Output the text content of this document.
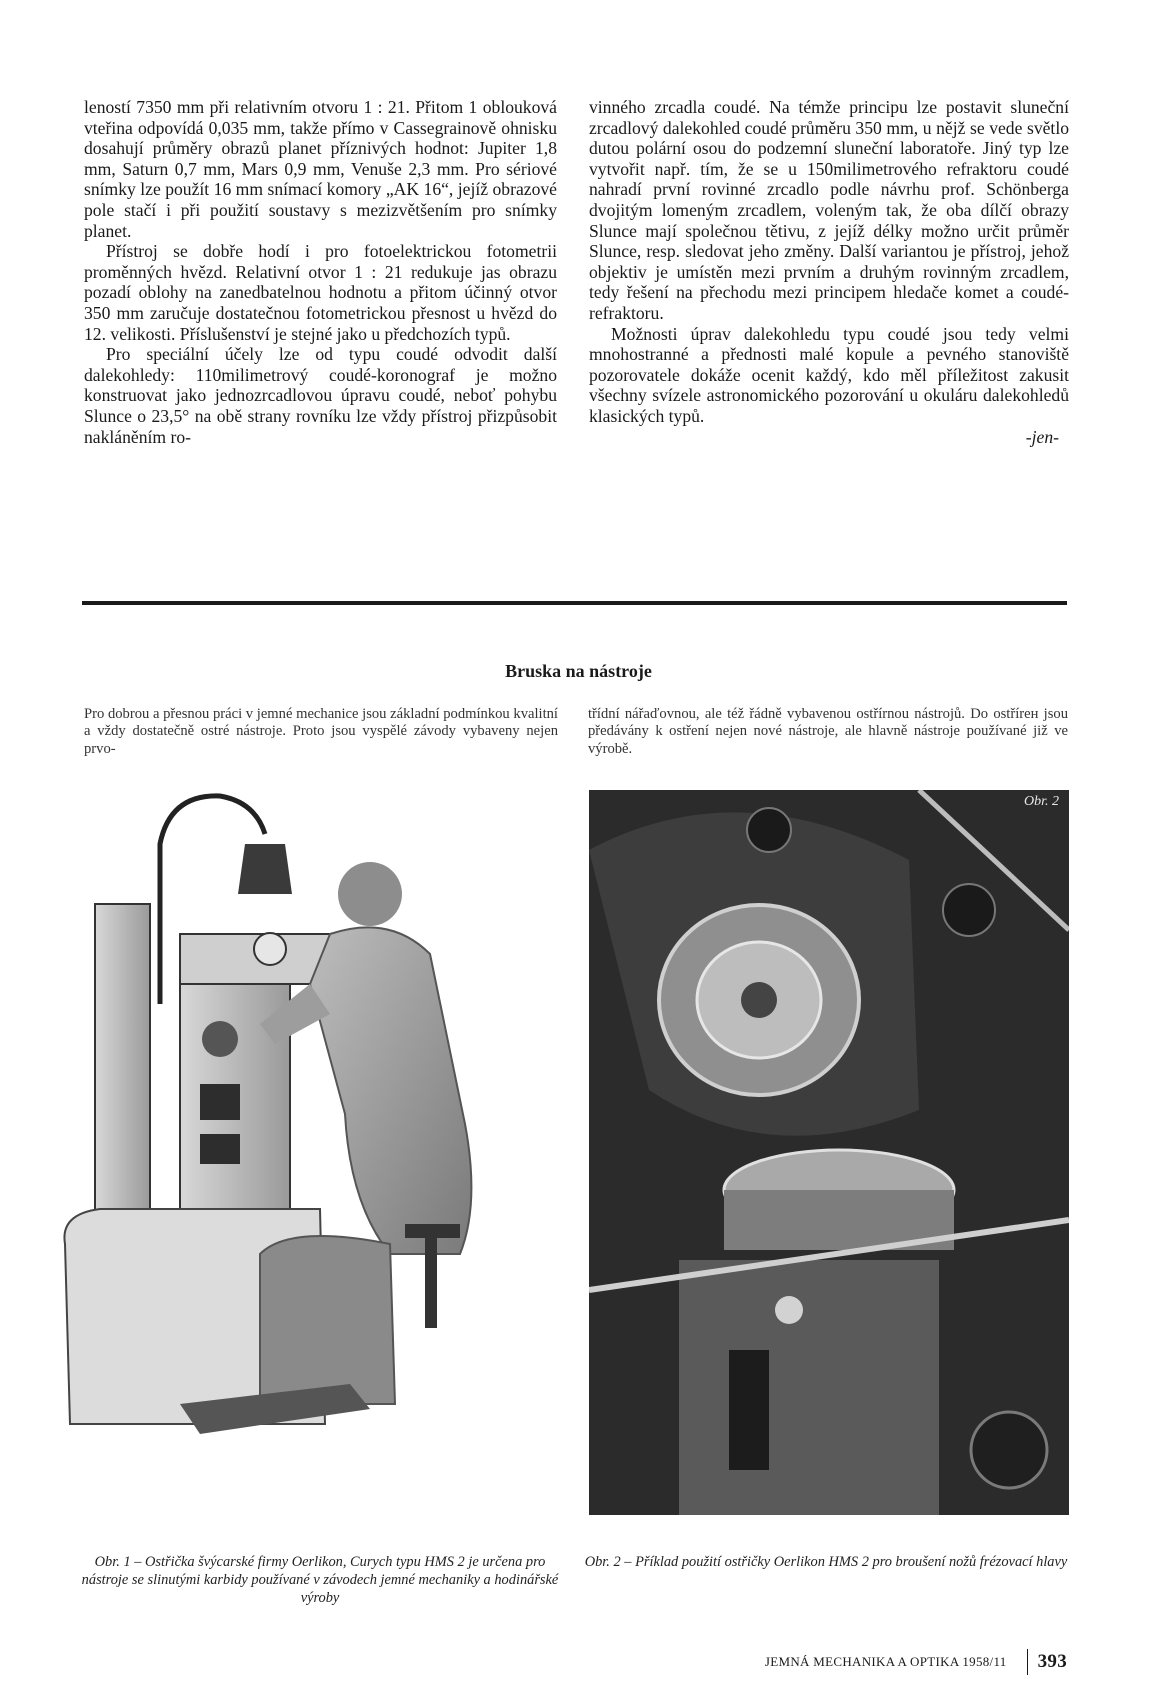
leností 7350 mm při relativním otvoru 1 : 21. Přitom 1 oblouková vteřina odpovídá 0,035 mm, takže přímo v Cassegrainově ohnisku dosahují průměry obrazů planet příznivých hodnot: Jupiter 1,8 mm, Saturn 0,7 mm, Mars 0,9 mm, Venuše 2,3 mm. Pro sériové snímky lze použít 16 mm snímací komory „AK 16“, jejíž obrazové pole stačí i při použití soustavy s mezizvětšením pro snímky planet.

Přístroj se dobře hodí i pro fotoelektrickou fotometrii proměnných hvězd. Relativní otvor 1 : 21 redukuje jas obrazu pozadí oblohy na zanedbatelnou hodnotu a přitom účinný otvor 350 mm zaručuje dostatečnou fotometrickou přesnost u hvězd do 12. velikosti. Příslušenství je stejné jako u předchozích typů.

Pro speciální účely lze od typu coudé odvodit další dalekohledy: 110milimetrový coudé-koronograf je možno konstruovat jako jednozrcadlovou úpravu coudé, neboť pohybu Slunce o 23,5° na obě strany rovníku lze vždy přístroj přizpůsobit nakláněním ro-

vinného zrcadla coudé. Na témže principu lze postavit sluneční zrcadlový dalekohled coudé průměru 350 mm, u nějž se vede světlo dutou polární osou do podzemní sluneční laboratoře. Jiný typ lze vytvořit např. tím, že se u 150milimetrového refraktoru coudé nahradí první rovinné zrcadlo podle návrhu prof. Schönberga dvojitým lomeným zrcadlem, voleným tak, že oba dílčí obrazy Slunce mají společnou tětivu, z jejíž délky možno určit průměr Slunce, resp. sledovat jeho změny. Další variantou je přístroj, jehož objektiv je umístěn mezi prvním a druhým rovinným zrcadlem, tedy řešení na přechodu mezi principem hledače komet a coudé-refraktoru.

Možnosti úprav dalekohledu typu coudé jsou tedy velmi mnohostranné a přednosti malé kopule a pevného stanoviště pozorovatele dokáže ocenit každý, kdo měl příležitost zakusit všechny svízele astronomického pozorování u okuláru dalekohledů klasických typů.

-jen-

Bruska na nástroje

Pro dobrou a přesnou práci v jemné mechanice jsou základní podmínkou kvalitní a vždy dostatečně ostré nástroje. Proto jsou vyspělé závody vybaveny nejen prvo-

třídní nářaďovnou, ale též řádně vybavenou ostřírnou nástrojů. Do ostřírен jsou předávány k ostření nejen nové nástroje, ale hlavně nástroje používané již ve výrobě.

Obr. 2

Obr. 1 – Ostřička švýcarské firmy Oerlikon, Curych typu HMS 2 je určena pro nástroje se slinutými karbidy používané v závodech jemné mechaniky a hodinářské výroby

Obr. 2 – Příklad použití ostřičky Oerlikon HMS 2 pro broušení nožů frézovací hlavy

JEMNÁ MECHANIKA A OPTIKA 1958/11	393
